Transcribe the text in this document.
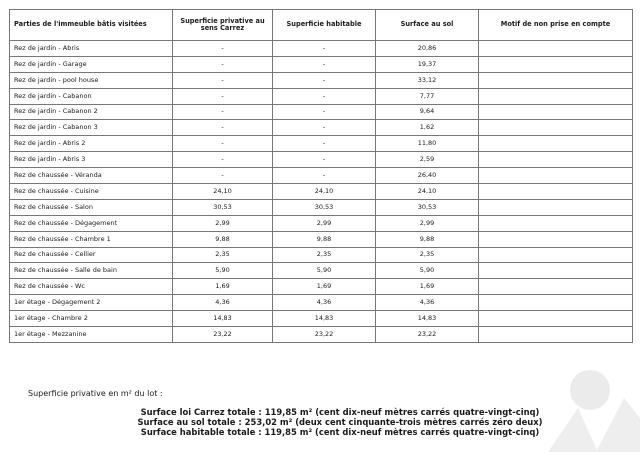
Parties de l'immeuble bâtis visitées	Superficie privative au sens Carrez	Superficie habitable	Surface au sol	Motif de non prise en compte
Rez de jardin - Abris	-	-	20,86	
Rez de jardin - Garage	-	-	19,37	
Rez de jardin - pool house	-	-	33,12	
Rez de jardin - Cabanon	-	-	7,77	
Rez de jardin - Cabanon 2	-	-	9,64	
Rez de jardin - Cabanon 3	-	-	1,62	
Rez de jardin - Abris 2	-	-	11,80	
Rez de jardin - Abris 3	-	-	2,59	
Rez de chaussée - Véranda	-	-	26,40	
Rez de chaussée - Cuisine	24,10	24,10	24,10	
Rez de chaussée - Salon	30,53	30,53	30,53	
Rez de chaussée - Dégagement	2,99	2,99	2,99	
Rez de chaussée - Chambre 1	9,88	9,88	9,88	
Rez de chaussée - Cellier	2,35	2,35	2,35	
Rez de chaussée - Salle de bain	5,90	5,90	5,90	
Rez de chaussée - Wc	1,69	1,69	1,69	
1er étage - Dégagement 2	4,36	4,36	4,36	
1er étage - Chambre 2	14,83	14,83	14,83	
1er étage - Mezzanine	23,22	23,22	23,22	
Superficie privative en m² du lot :
Surface loi Carrez totale : 119,85 m² (cent dix-neuf mètres carrés quatre-vingt-cinq)
Surface au sol totale : 253,02 m² (deux cent cinquante-trois mètres carrés zéro deux)
Surface habitable totale : 119,85 m² (cent dix-neuf mètres carrés quatre-vingt-cinq)
